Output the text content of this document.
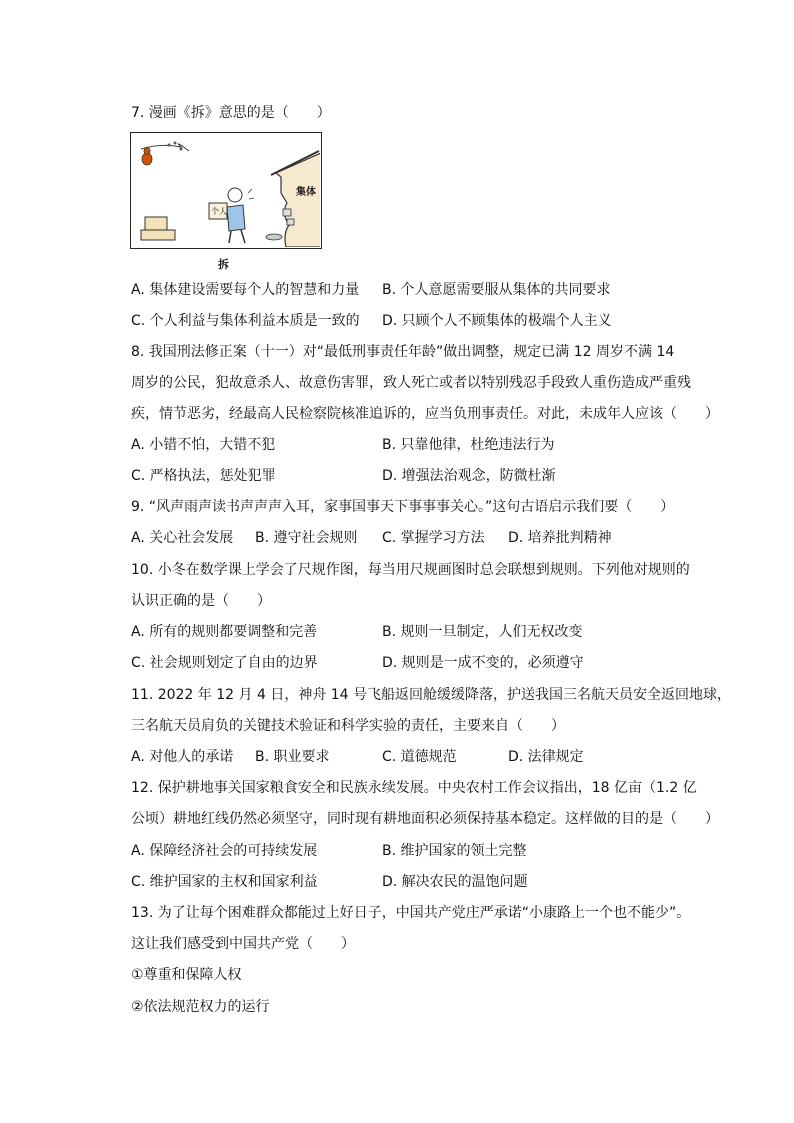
7. 漫画《拆》意思的是（　　）
集体
个人
拆
A. 集体建设需要每个人的智慧和力量 B. 个人意愿需要服从集体的共同要求
C. 个人利益与集体利益本质是一致的 D. 只顾个人不顾集体的极端个人主义
8. 我国刑法修正案（十一）对“最低刑事责任年龄”做出调整，规定已满 12 周岁不满 14
周岁的公民，犯故意杀人、故意伤害罪，致人死亡或者以特别残忍手段致人重伤造成严重残
疾，情节恶劣，经最高人民检察院核准追诉的，应当负刑事责任。对此，未成年人应该（　　）
A. 小错不怕，大错不犯	B. 只靠他律，杜绝违法行为
C. 严格执法，惩处犯罪	D. 增强法治观念，防微杜渐
9. “风声雨声读书声声声入耳，家事国事天下事事事关心。”这句古语启示我们要（　　）
A. 关心社会发展 B. 遵守社会规则 C. 掌握学习方法 D. 培养批判精神
10. 小冬在数学课上学会了尺规作图，每当用尺规画图时总会联想到规则。下列他对规则的
认识正确的是（　　）
A. 所有的规则都要调整和完善	B. 规则一旦制定，人们无权改变
C. 社会规则划定了自由的边界	D. 规则是一成不变的，必须遵守
11. 2022 年 12 月 4 日，神舟 14 号飞船返回舱缓缓降落，护送我国三名航天员安全返回地球，
三名航天员肩负的关键技术验证和科学实验的责任，主要来自（　　）
A. 对他人的承诺 B. 职业要求	C. 道德规范	D. 法律规定
12. 保护耕地事关国家粮食安全和民族永续发展。中央农村工作会议指出，18 亿亩（1.2 亿
公顷）耕地红线仍然必须坚守，同时现有耕地面积必须保持基本稳定。这样做的目的是（　　）
A. 保障经济社会的可持续发展	B. 维护国家的领土完整
C. 维护国家的主权和国家利益	D. 解决农民的温饱问题
13. 为了让每个困难群众都能过上好日子，中国共产党庄严承诺“小康路上一个也不能少”。
这让我们感受到中国共产党（　　）
①尊重和保障人权
②依法规范权力的运行
